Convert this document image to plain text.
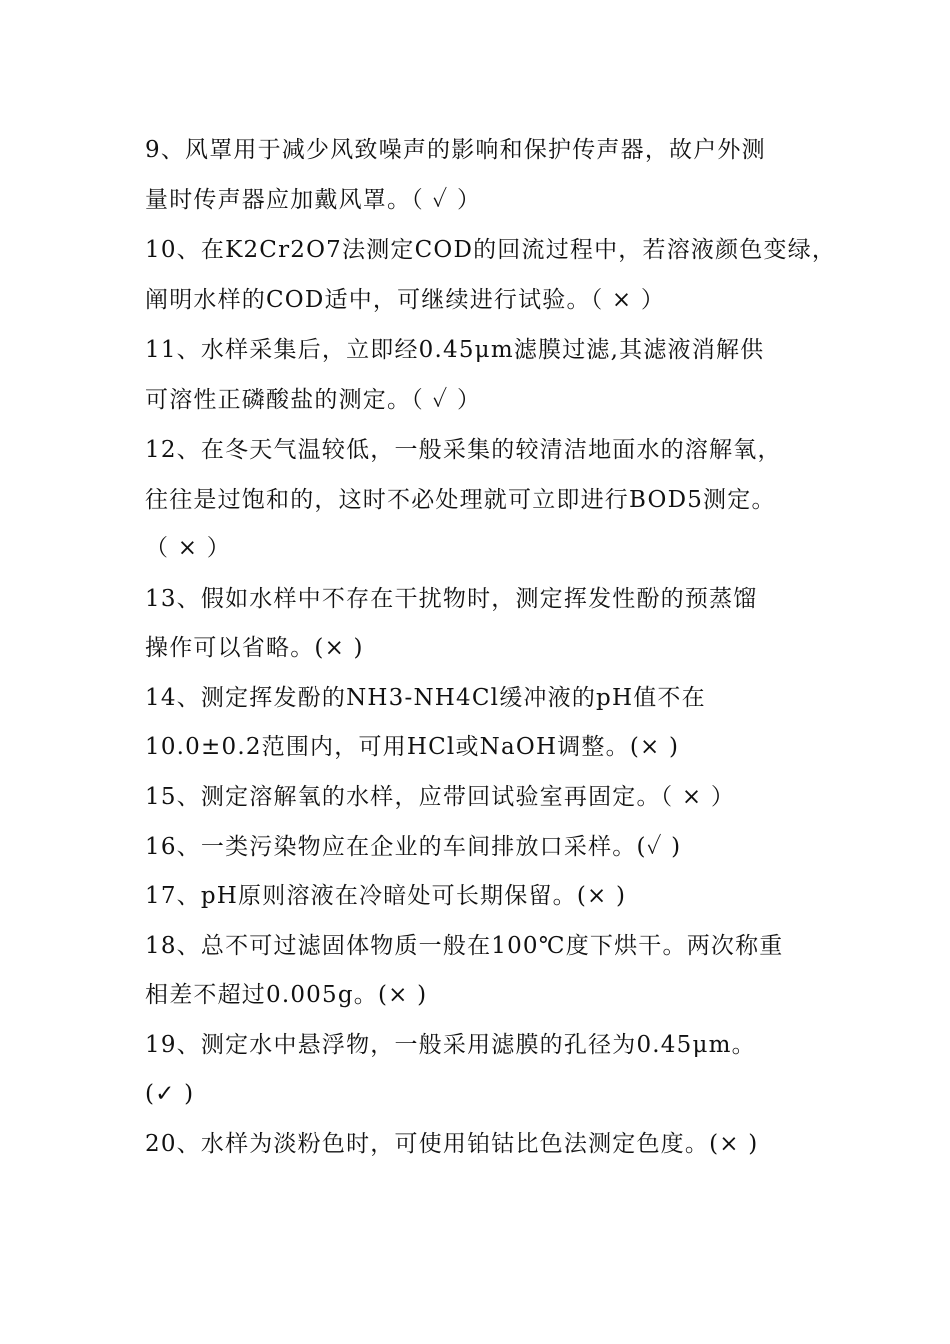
9、风罩用于减少风致噪声的影响和保护传声器，故户外测
量时传声器应加戴风罩。（ ✓ ）
10、在K2Cr2O7法测定COD的回流过程中，若溶液颜色变绿，
阐明水样的COD适中，可继续进行试验。（ × ）
11、水样采集后，立即经0.45μm滤膜过滤,其滤液消解供
可溶性正磷酸盐的测定。（ ✓ ）
12、在冬天气温较低，一般采集的较清洁地面水的溶解氧，
往往是过饱和的，这时不必处理就可立即进行BOD5测定。
（ × ）
13、假如水样中不存在干扰物时，测定挥发性酚的预蒸馏
操作可以省略。(× )
14、测定挥发酚的NH3-NH4Cl缓冲液的pH值不在
10.0±0.2范围内，可用HCl或NaOH调整。(× )
15、测定溶解氧的水样，应带回试验室再固定。（ × ）
16、一类污染物应在企业的车间排放口采样。(✓ )
17、pH原则溶液在冷暗处可长期保留。(× )
18、总不可过滤固体物质一般在100℃度下烘干。两次称重
相差不超过0.005g。(× )
19、测定水中悬浮物，一般采用滤膜的孔径为0.45μm。
(✓ )
20、水样为淡粉色时，可使用铂钴比色法测定色度。(× )
